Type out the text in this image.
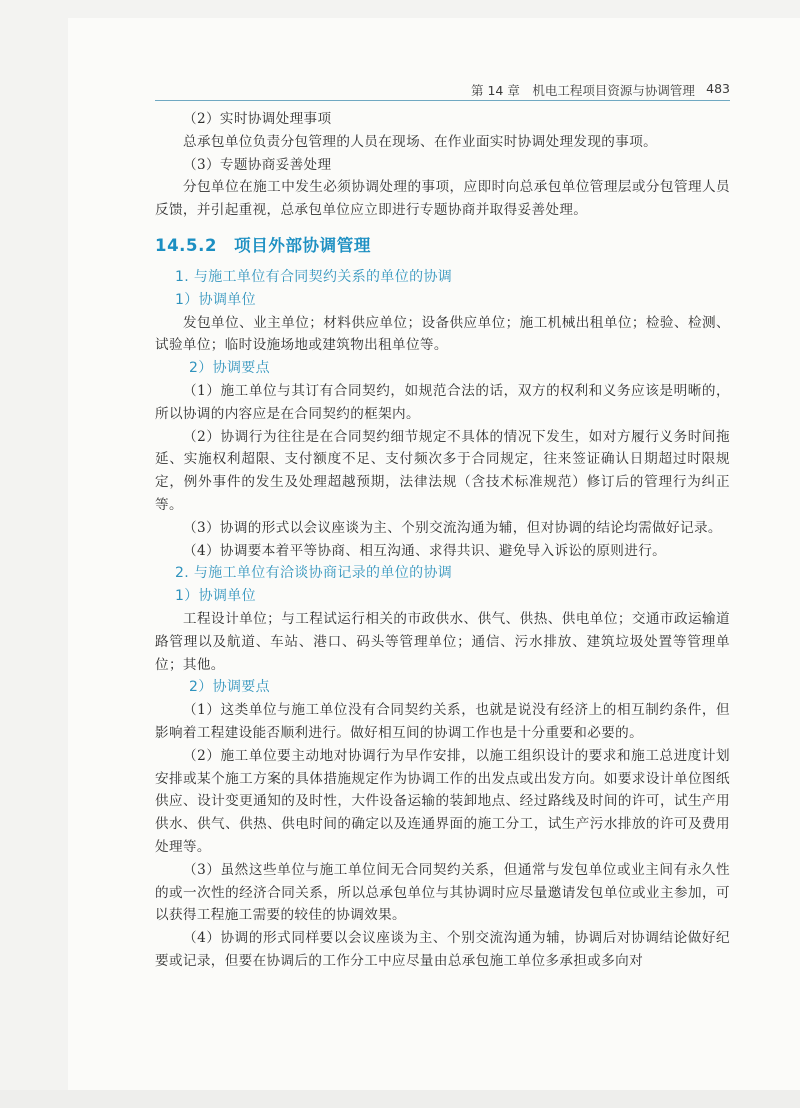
第 14 章　机电工程项目资源与协调管理 483

（2）实时协调处理事项

总承包单位负责分包管理的人员在现场、在作业面实时协调处理发现的事项。

（3）专题协商妥善处理

分包单位在施工中发生必须协调处理的事项，应即时向总承包单位管理层或分包管理人员反馈，并引起重视，总承包单位应立即进行专题协商并取得妥善处理。

14.5.2　项目外部协调管理

1. 与施工单位有合同契约关系的单位的协调

1）协调单位

发包单位、业主单位；材料供应单位；设备供应单位；施工机械出租单位；检验、检测、试验单位；临时设施场地或建筑物出租单位等。

2）协调要点

（1）施工单位与其订有合同契约，如规范合法的话，双方的权利和义务应该是明晰的，所以协调的内容应是在合同契约的框架内。

（2）协调行为往往是在合同契约细节规定不具体的情况下发生，如对方履行义务时间拖延、实施权利超限、支付额度不足、支付频次多于合同规定，往来签证确认日期超过时限规定，例外事件的发生及处理超越预期，法律法规（含技术标准规范）修订后的管理行为纠正等。

（3）协调的形式以会议座谈为主、个别交流沟通为辅，但对协调的结论均需做好记录。

（4）协调要本着平等协商、相互沟通、求得共识、避免导入诉讼的原则进行。

2. 与施工单位有洽谈协商记录的单位的协调

1）协调单位

工程设计单位；与工程试运行相关的市政供水、供气、供热、供电单位；交通市政运输道路管理以及航道、车站、港口、码头等管理单位；通信、污水排放、建筑垃圾处置等管理单位；其他。

2）协调要点

（1）这类单位与施工单位没有合同契约关系，也就是说没有经济上的相互制约条件，但影响着工程建设能否顺利进行。做好相互间的协调工作也是十分重要和必要的。

（2）施工单位要主动地对协调行为早作安排，以施工组织设计的要求和施工总进度计划安排或某个施工方案的具体措施规定作为协调工作的出发点或出发方向。如要求设计单位图纸供应、设计变更通知的及时性，大件设备运输的装卸地点、经过路线及时间的许可，试生产用供水、供气、供热、供电时间的确定以及连通界面的施工分工，试生产污水排放的许可及费用处理等。

（3）虽然这些单位与施工单位间无合同契约关系，但通常与发包单位或业主间有永久性的或一次性的经济合同关系，所以总承包单位与其协调时应尽量邀请发包单位或业主参加，可以获得工程施工需要的较佳的协调效果。

（4）协调的形式同样要以会议座谈为主、个别交流沟通为辅，协调后对协调结论做好纪要或记录，但要在协调后的工作分工中应尽量由总承包施工单位多承担或多向对
